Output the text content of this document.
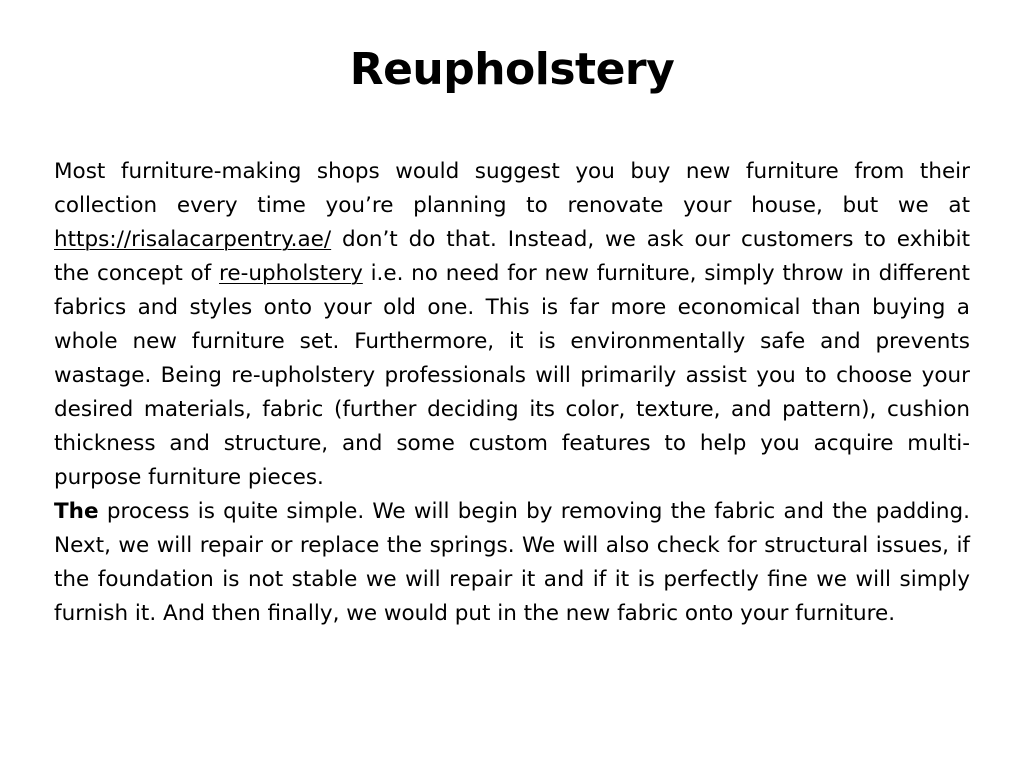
Reupholstery

Most furniture-making shops would suggest you buy new furniture from their collection every time you’re planning to renovate your house, but we at https://risalacarpentry.ae/ don’t do that. Instead, we ask our customers to exhibit the concept of re-upholstery i.e. no need for new furniture, simply throw in different fabrics and styles onto your old one. This is far more economical than buying a whole new furniture set. Furthermore, it is environmentally safe and prevents wastage. Being re-upholstery professionals will primarily assist you to choose your desired materials, fabric (further deciding its color, texture, and pattern), cushion thickness and structure, and some custom features to help you acquire multi-purpose furniture pieces.

The process is quite simple. We will begin by removing the fabric and the padding. Next, we will repair or replace the springs. We will also check for structural issues, if the foundation is not stable we will repair it and if it is perfectly fine we will simply furnish it. And then finally, we would put in the new fabric onto your furniture.
